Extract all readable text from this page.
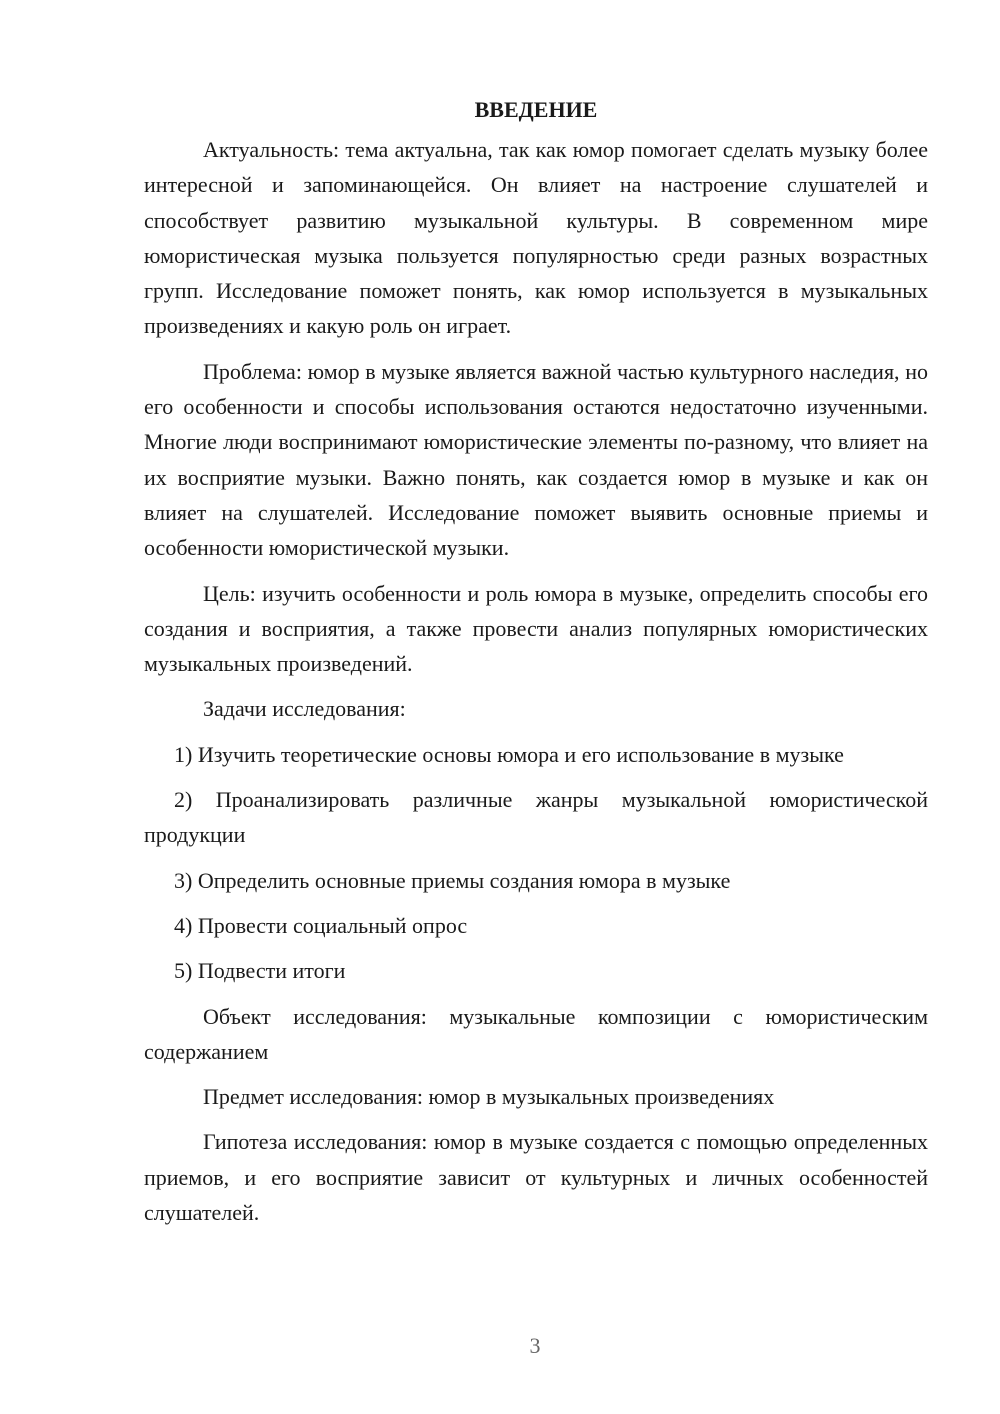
ВВЕДЕНИЕ

Актуальность: тема актуальна, так как юмор помогает сделать музыку более интересной и запоминающейся. Он влияет на настроение слушателей и способствует развитию музыкальной культуры. В современном мире юмористическая музыка пользуется популярностью среди разных возрастных групп. Исследование поможет понять, как юмор используется в музыкальных произведениях и какую роль он играет.

Проблема: юмор в музыке является важной частью культурного наследия, но его особенности и способы использования остаются недостаточно изученными. Многие люди воспринимают юмористические элементы по-разному, что влияет на их восприятие музыки. Важно понять, как создается юмор в музыке и как он влияет на слушателей. Исследование поможет выявить основные приемы и особенности юмористической музыки.

Цель: изучить особенности и роль юмора в музыке, определить способы его создания и восприятия, а также провести анализ популярных юмористических музыкальных произведений.

Задачи исследования:

1) Изучить теоретические основы юмора и его использование в музыке

2) Проанализировать различные жанры музыкальной юмористической продукции

3) Определить основные приемы создания юмора в музыке

4) Провести социальный опрос

5) Подвести итоги

Объект исследования: музыкальные композиции с юмористическим содержанием

Предмет исследования: юмор в музыкальных произведениях

Гипотеза исследования: юмор в музыке создается с помощью определенных приемов, и его восприятие зависит от культурных и личных особенностей слушателей.

3
